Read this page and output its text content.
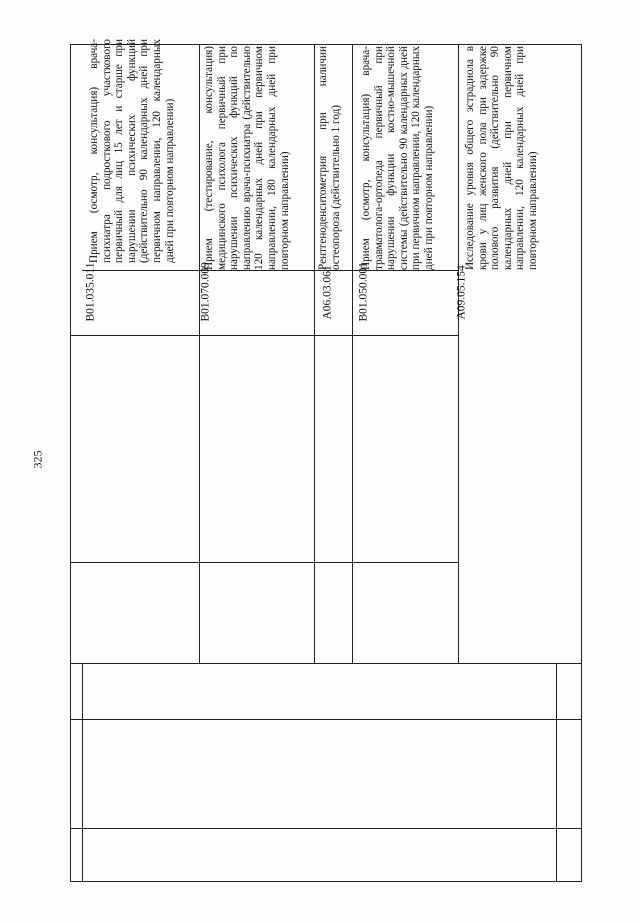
325
B01.035.011
Прием (осмотр, консультация) врача-психиатра подросткового участкового первичный для лиц 15 лет и старше при нарушении психических функций (действительно 90 календарных дней при первичном направлении, 120 календарных дней при повторном направлении)
B01.070.009
Прием (тестирование, консультация) медицинского психолога первичный при нарушении психических функций по направлению врача-психиатра (действительно 120 календарных дней при первичном направлении, 180 календарных дней при повторном направлении)
A06.03.061
Рентгеноденситометрия при наличии остеопороза (действительно 1 год)
B01.050.001
Прием (осмотр, консультация) врача-травматолога-ортопеда первичный при нарушении функции костно-мышечной системы (действительно 90 календарных дней при первичном направлении, 120 календарных дней при повторном направлении)
A09.05.154
Исследование уровня общего эстрадиола в крови у лиц женского пола при задержке полового развития (действительно 90 календарных дней при первичном направлении, 120 календарных дней при повторном направлении)
